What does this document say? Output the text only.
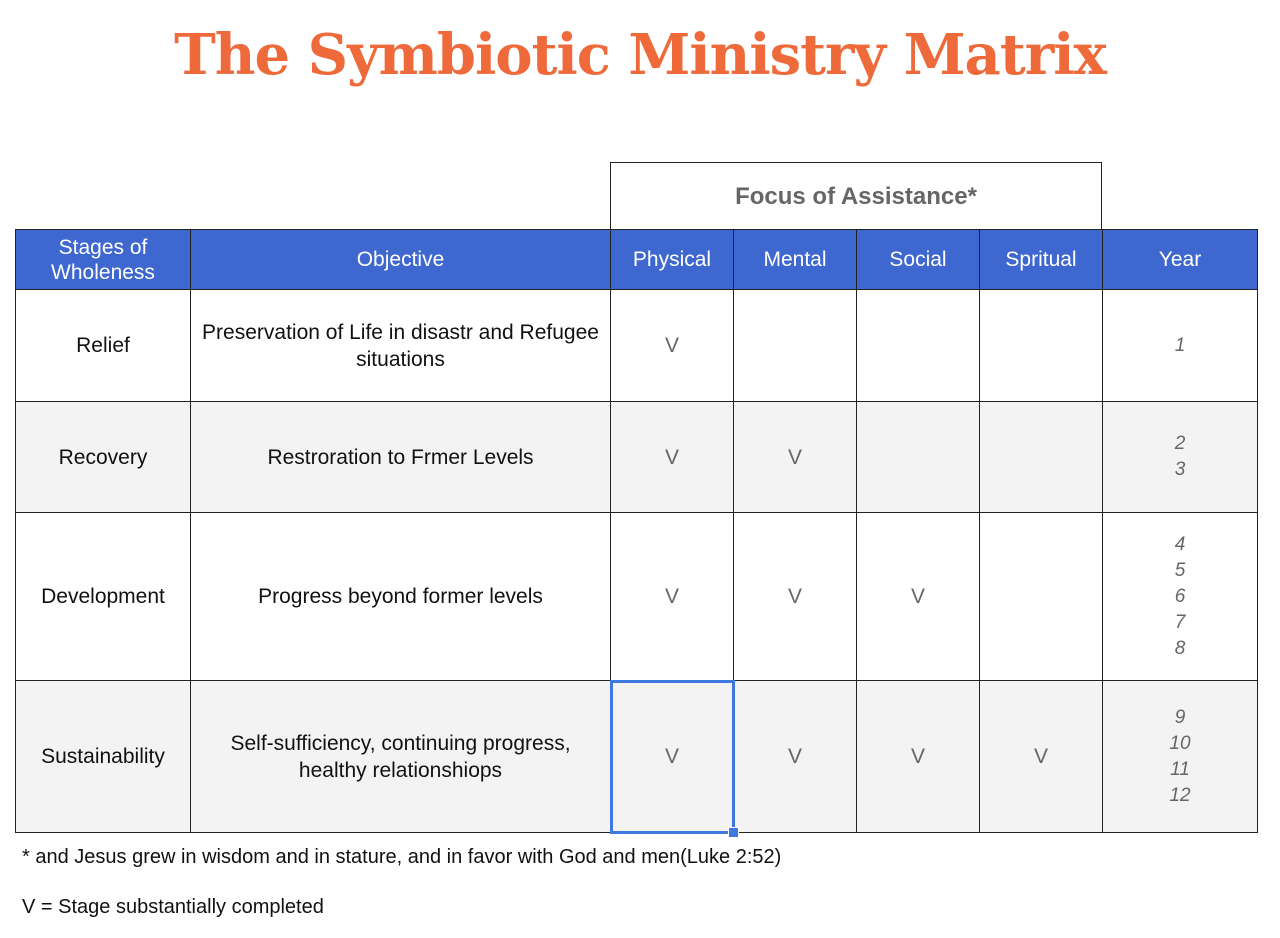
The Symbiotic Ministry Matrix
Focus of Assistance*
Stages of Wholeness	Objective	Physical	Mental	Social	Spritual	Year
Relief	Preservation of Life in disastr and Refugee situations	V				1

Recovery	Restroration to Frmer Levels	V	V			2
3

Development	Progress beyond former levels	V	V	V		4
5
6
7
8

Sustainability	Self-sufficiency, continuing progress, healthy relationshiops	V	V	V	V	9
10
11
12
* and Jesus grew in wisdom and in stature, and in favor with God and men(Luke 2:52)
V = Stage substantially completed
